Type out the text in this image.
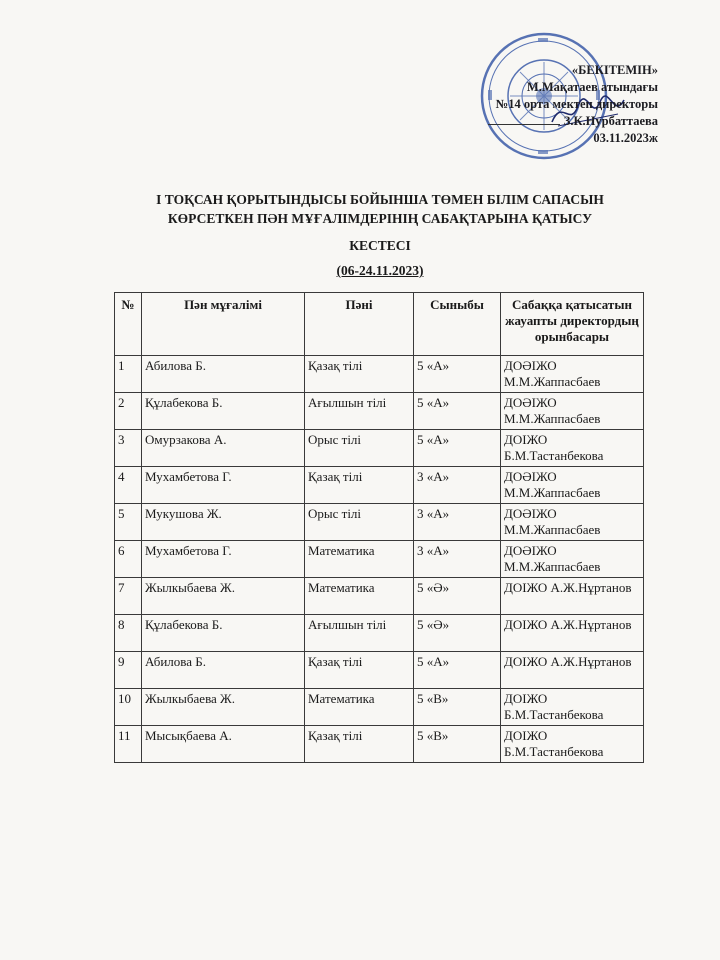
«БЕКІТЕМІН»
М.Мақатаев атындағы
№14 орта мектеп директоры
З.К.Нурбаттаева
03.11.2023ж
І ТОҚСАН ҚОРЫТЫНДЫСЫ БОЙЫНША ТӨМЕН БІЛІМ САПАСЫН
КӨРСЕТКЕН ПӘН МҰҒАЛІМДЕРІНІҢ САБАҚТАРЫНА ҚАТЫСУ
КЕСТЕСІ
(06-24.11.2023)
№	Пән мұғалімі	Пәні	Сыныбы	Сабаққа қатысатын жауапты директордың орынбасары
1	Абилова Б.	Қазақ тілі	5 «А»	ДОӘІЖО М.М.Жаппасбаев
2	Құлабекова Б.	Ағылшын тілі	5 «А»	ДОӘІЖО М.М.Жаппасбаев
3	Омурзакова А.	Орыс тілі	5 «А»	ДОІЖО Б.М.Тастанбекова
4	Мухамбетова Г.	Қазақ тілі	3 «А»	ДОӘІЖО М.М.Жаппасбаев
5	Мукушова Ж.	Орыс тілі	3 «А»	ДОӘІЖО М.М.Жаппасбаев
6	Мухамбетова Г.	Математика	3 «А»	ДОӘІЖО М.М.Жаппасбаев
7	Жылкыбаева Ж.	Математика	5 «Ә»	ДОІЖО А.Ж.Нұртанов
8	Құлабекова Б.	Ағылшын тілі	5 «Ә»	ДОІЖО А.Ж.Нұртанов
9	Абилова Б.	Қазақ тілі	5 «А»	ДОІЖО А.Ж.Нұртанов
10	Жылкыбаева Ж.	Математика	5 «В»	ДОІЖО Б.М.Тастанбекова
11	Мысықбаева А.	Қазақ тілі	5 «В»	ДОІЖО Б.М.Тастанбекова
